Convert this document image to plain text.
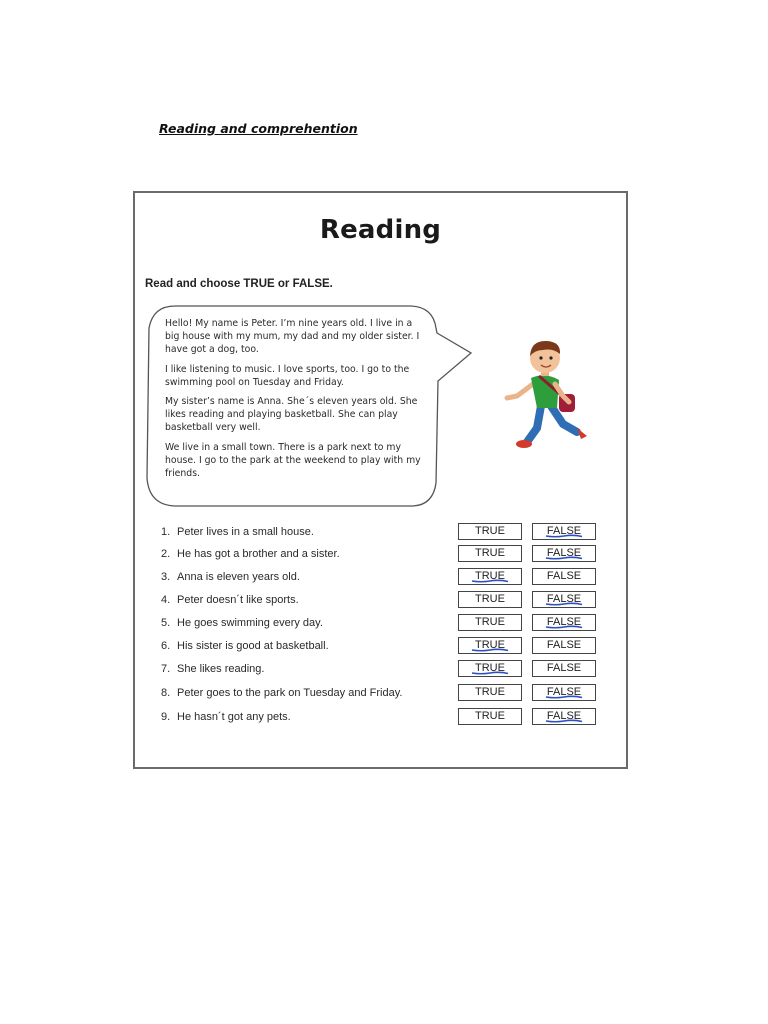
Reading and comprehention
Reading
Read and choose TRUE or FALSE.

Hello! My name is Peter. I’m nine years old. I live in a big house with my mum, my dad and my older sister. I have got a dog, too.

I like listening to music. I love sports, too. I go to the swimming pool on Tuesday and Friday.

My sister’s name is Anna. She´s eleven years old. She likes reading and playing basketball. She can play basketball very well.

We live in a small town. There is a park next to my house. I go to the park at the weekend to play with my friends.

1. Peter lives in a small house.	TRUE	FALSE
2. He has got a brother and a sister.	TRUE	FALSE
3. Anna is eleven years old.	TRUE	FALSE
4. Peter doesn´t like sports.	TRUE	FALSE
5. He goes swimming every day.	TRUE	FALSE
6. His sister is good at basketball.	TRUE	FALSE
7. She likes reading.	TRUE	FALSE
8. Peter goes to the park on Tuesday and Friday.	TRUE	FALSE
9. He hasn´t got any pets.	TRUE	FALSE
